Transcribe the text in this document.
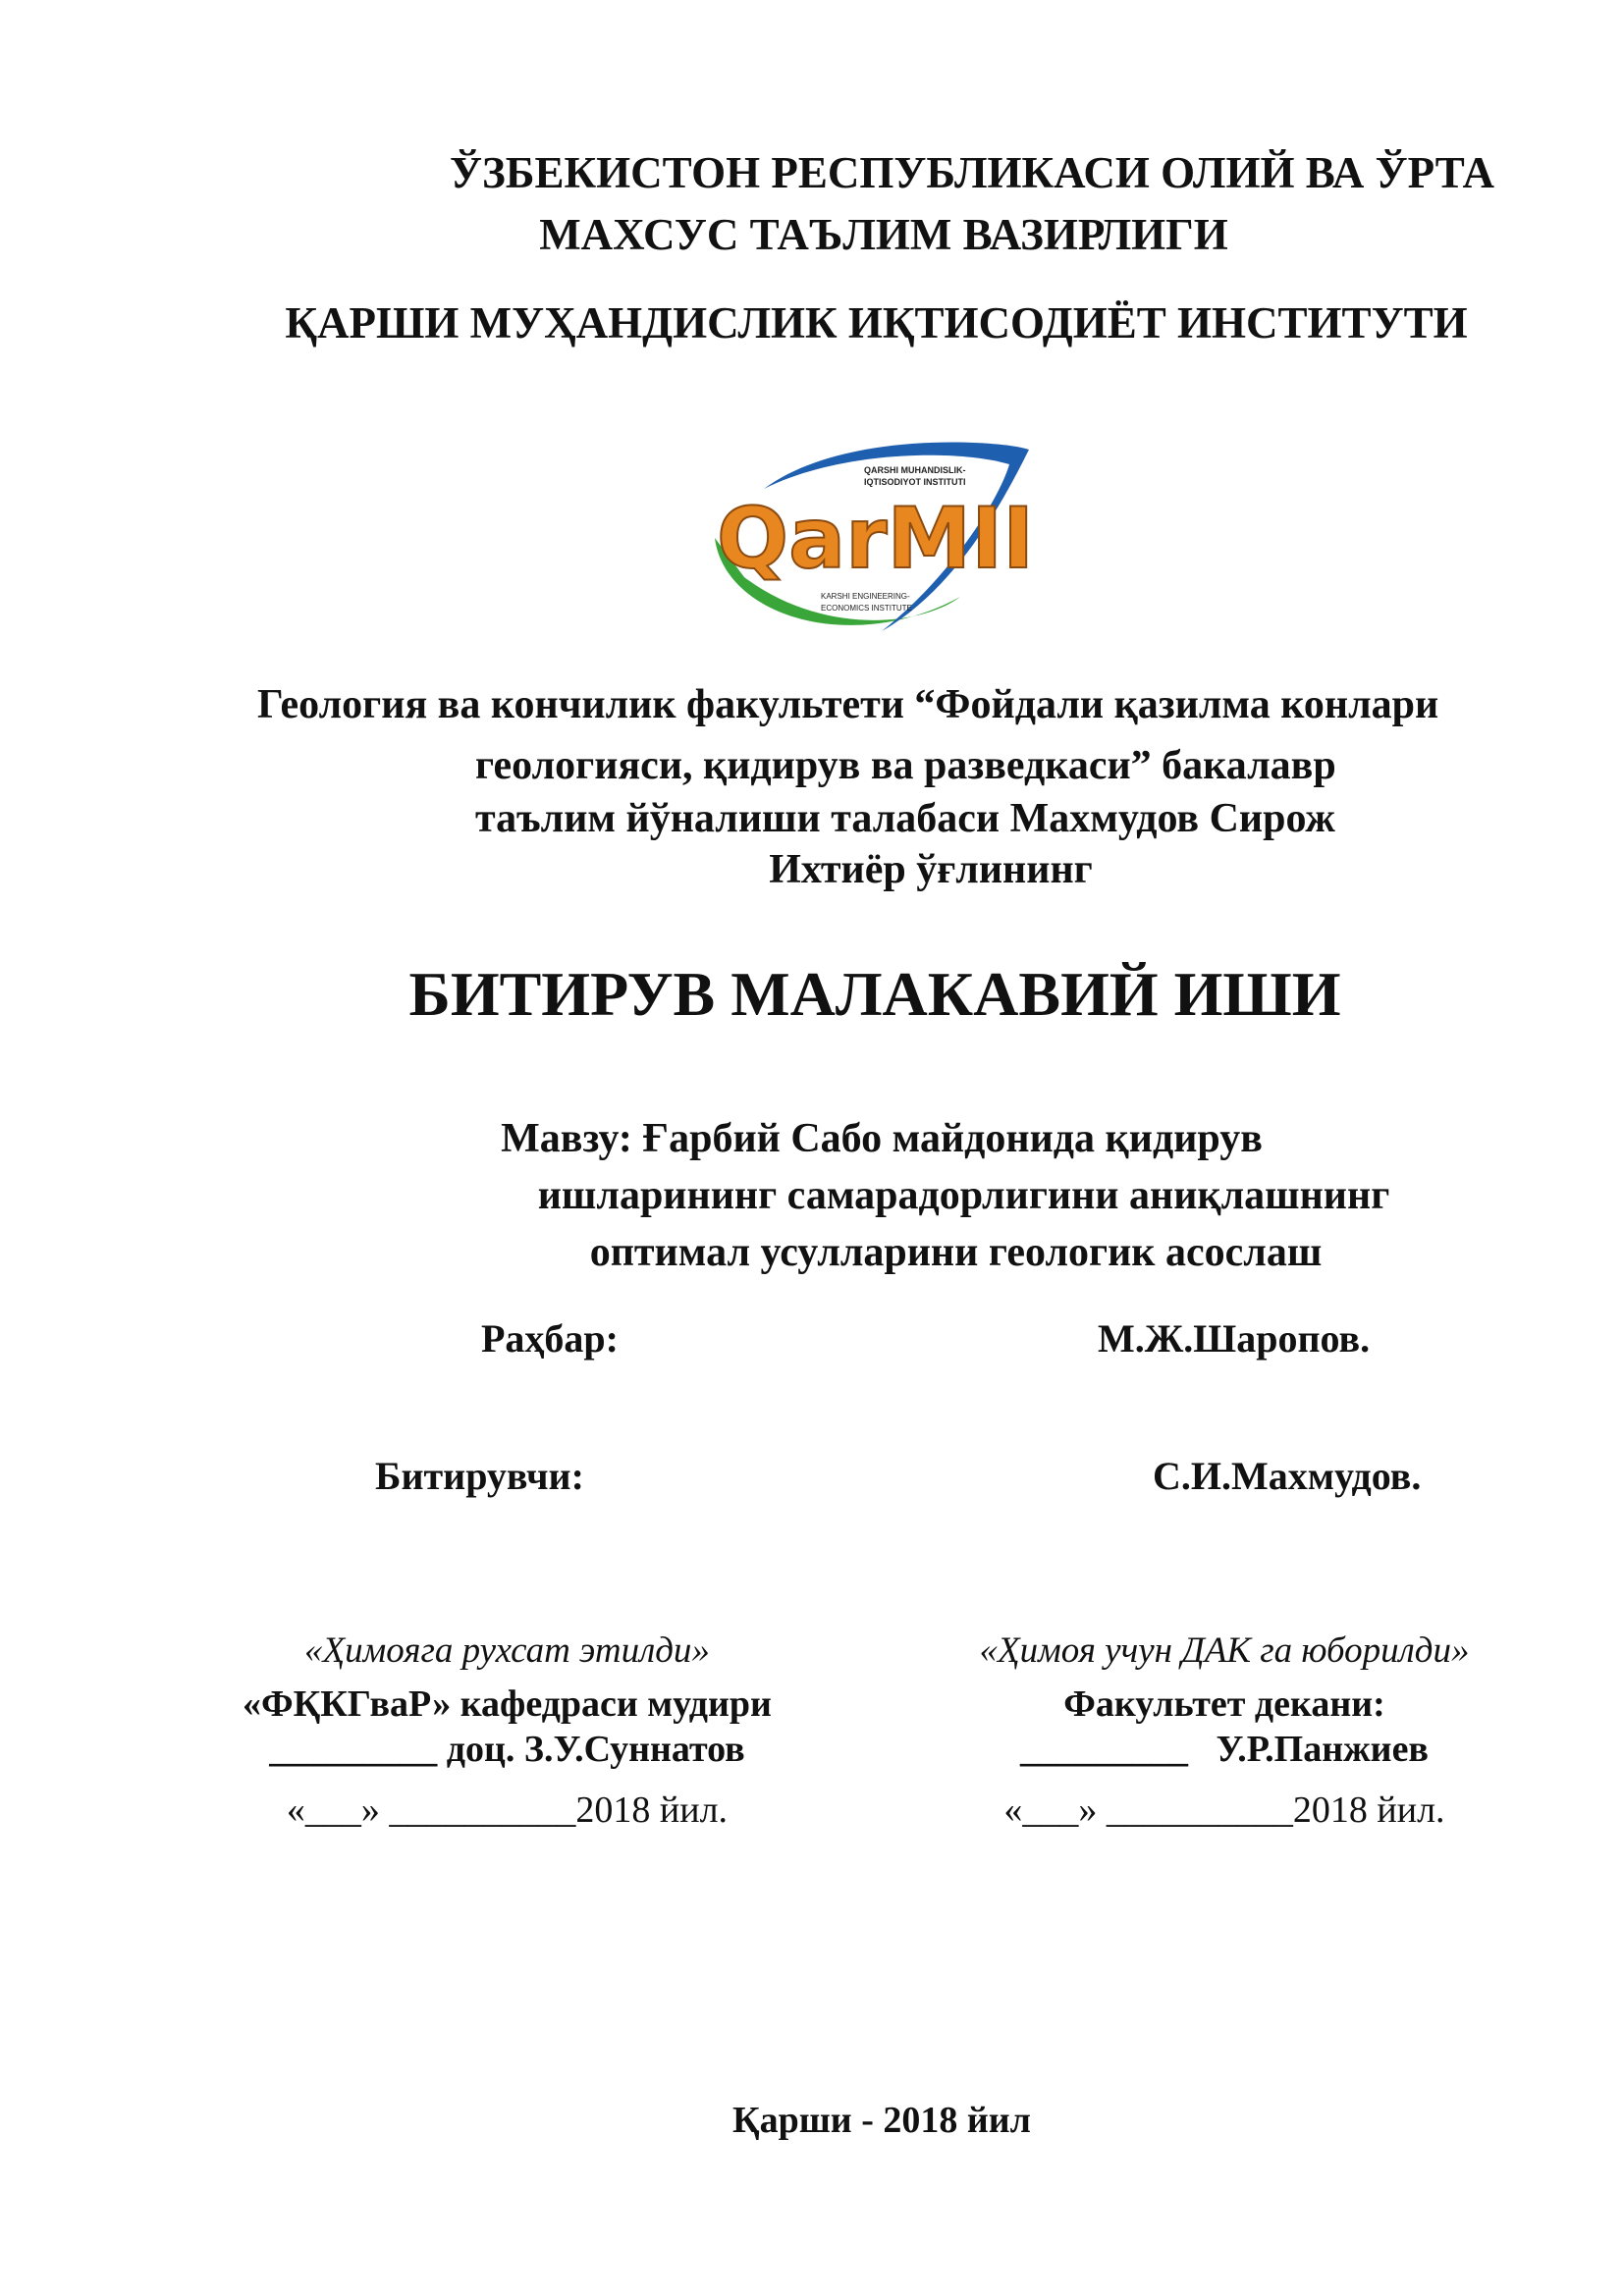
ЎЗБЕКИСТОН РЕСПУБЛИКАСИ ОЛИЙ ВА ЎРТА
МАХСУС ТАЪЛИМ ВАЗИРЛИГИ
ҚАРШИ МУҲАНДИСЛИК ИҚТИСОДИЁТ ИНСТИТУТИ
QARSHI MUHANDISLIK-
IQTISODIYOT INSTITUTI
QarMII
KARSHI ENGINEERING-
ECONOMICS INSTITUTE
Геология ва кончилик факультети “Фойдали қазилма конлари
геологияси, қидирув ва разведкаси” бакалавр
таълим йўналиши талабаси Махмудов Сирож
Ихтиёр ўғлининг
БИТИРУВ МАЛАКАВИЙ ИШИ
Мавзу: Ғарбий Сабо майдонида қидирув
ишларининг самарадорлигини аниқлашнинг
оптимал усулларини геологик асослаш
Раҳбар:	М.Ж.Шаропов.
Битирувчи:	С.И.Махмудов.
«Ҳимояга рухсат этилди»
«ФҚКГваР» кафедраси мудири
_________ доц. З.У.Суннатов
«___» __________2018 йил.
«Ҳимоя учун ДАК га юборилди»
Факультет декани:
_________   У.Р.Панжиев
«___» __________2018 йил.
Қарши - 2018 йил
